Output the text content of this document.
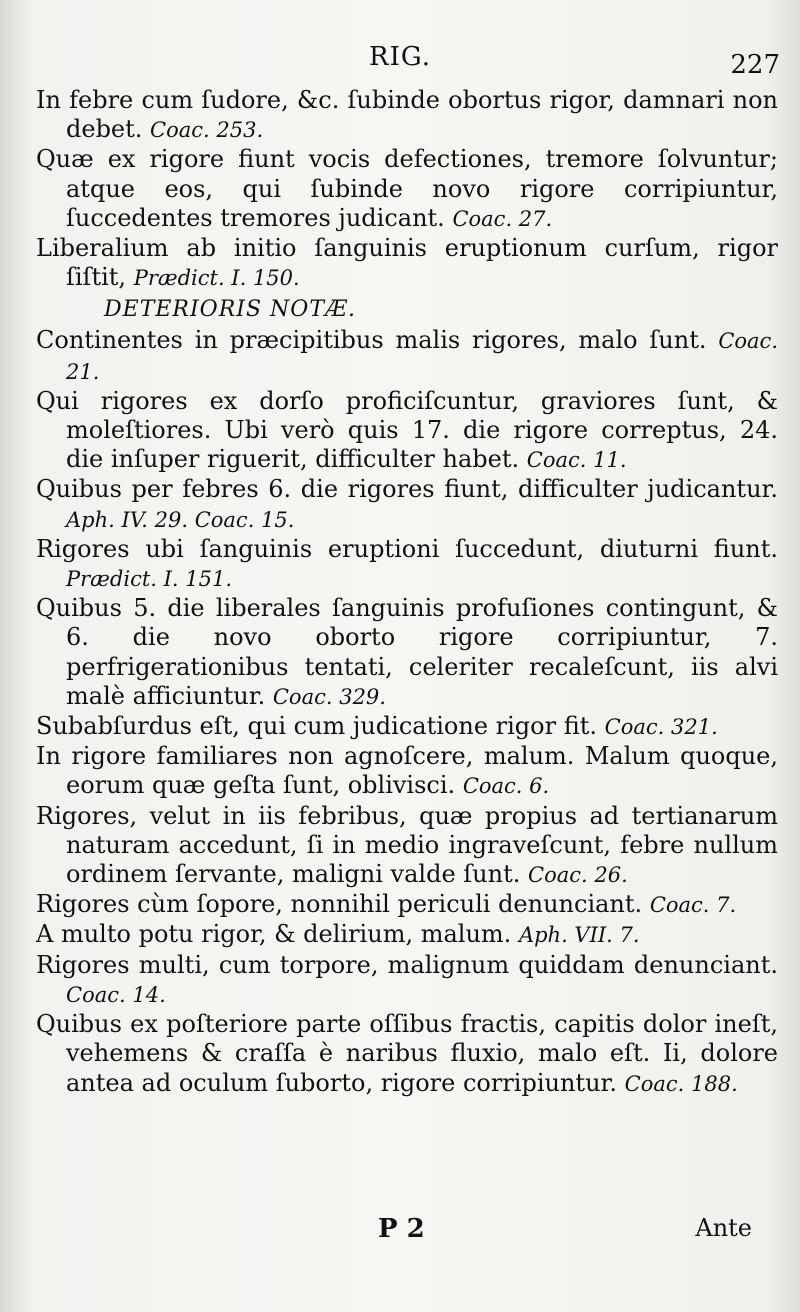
RIG.	227

In febre cum ſudore, &c. ſubinde obortus rigor, damnari non debet. Coac. 253.

Quæ ex rigore fiunt vocis defectiones, tremore ſolvuntur; atque eos, qui ſubinde novo rigore corripiuntur, ſuccedentes tremores judicant. Coac. 27.

Liberalium ab initio ſanguinis eruptionum curſum, rigor ſiſtit, Prædict. I. 150.

DETERIORIS NOTÆ.

Continentes in præcipitibus malis rigores, malo ſunt. Coac. 21.

Qui rigores ex dorſo proficiſcuntur, graviores ſunt, & moleſtiores. Ubi verò quis 17. die rigore correptus, 24. die inſuper riguerit, difficulter habet. Coac. 11.

Quibus per febres 6. die rigores fiunt, difficulter judicantur. Aph. IV. 29. Coac. 15.

Rigores ubi ſanguinis eruptioni ſuccedunt, diuturni fiunt. Prædict. I. 151.

Quibus 5. die liberales ſanguinis profuſiones contingunt, & 6. die novo oborto rigore corripiuntur, 7. perfrigerationibus tentati, celeriter recaleſcunt, iis alvi malè afficiuntur. Coac. 329.

Subabſurdus eſt, qui cum judicatione rigor fit. Coac. 321.

In rigore familiares non agnoſcere, malum. Malum quoque, eorum quæ geſta ſunt, oblivisci. Coac. 6.

Rigores, velut in iis febribus, quæ propius ad tertianarum naturam accedunt, ſi in medio ingraveſcunt, febre nullum ordinem ſervante, maligni valde ſunt. Coac. 26.

Rigores cùm ſopore, nonnihil periculi denunciant. Coac. 7.

A multo potu rigor, & delirium, malum. Aph. VII. 7.

Rigores multi, cum torpore, malignum quiddam denunciant. Coac. 14.

Quibus ex poſteriore parte oſſibus fractis, capitis dolor ineſt, vehemens & craſſa è naribus fluxio, malo eſt. Ii, dolore antea ad oculum ſuborto, rigore corripiuntur. Coac. 188.

P 2	Ante
